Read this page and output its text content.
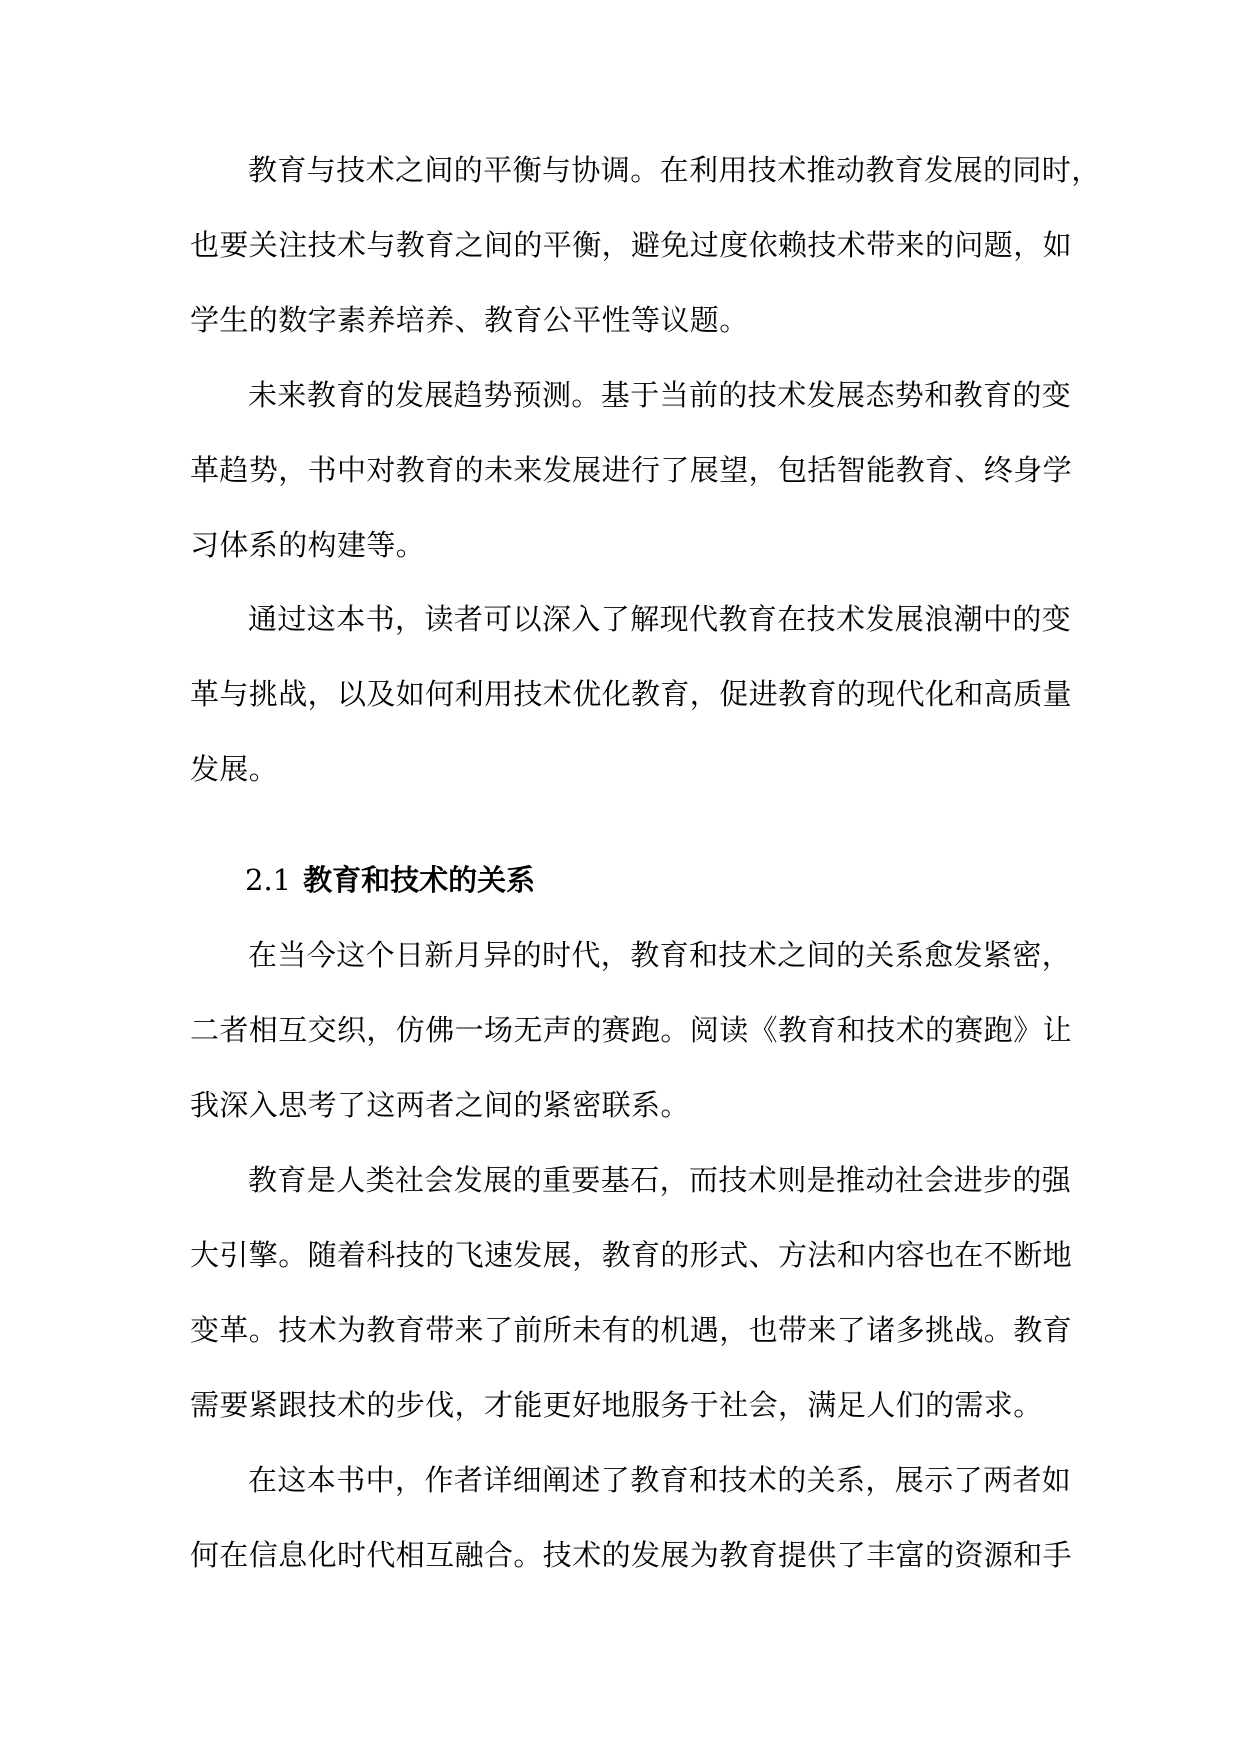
教育与技术之间的平衡与协调。在利用技术推动教育发展的同时，
也要关注技术与教育之间的平衡，避免过度依赖技术带来的问题，如
学生的数字素养培养、教育公平性等议题。
未来教育的发展趋势预测。基于当前的技术发展态势和教育的变
革趋势，书中对教育的未来发展进行了展望，包括智能教育、终身学
习体系的构建等。
通过这本书，读者可以深入了解现代教育在技术发展浪潮中的变
革与挑战，以及如何利用技术优化教育，促进教育的现代化和高质量
发展。
2.1 教育和技术的关系
在当今这个日新月异的时代，教育和技术之间的关系愈发紧密，
二者相互交织，仿佛一场无声的赛跑。阅读《教育和技术的赛跑》让
我深入思考了这两者之间的紧密联系。
教育是人类社会发展的重要基石，而技术则是推动社会进步的强
大引擎。随着科技的飞速发展，教育的形式、方法和内容也在不断地
变革。技术为教育带来了前所未有的机遇，也带来了诸多挑战。教育
需要紧跟技术的步伐，才能更好地服务于社会，满足人们的需求。
在这本书中，作者详细阐述了教育和技术的关系，展示了两者如
何在信息化时代相互融合。技术的发展为教育提供了丰富的资源和手
